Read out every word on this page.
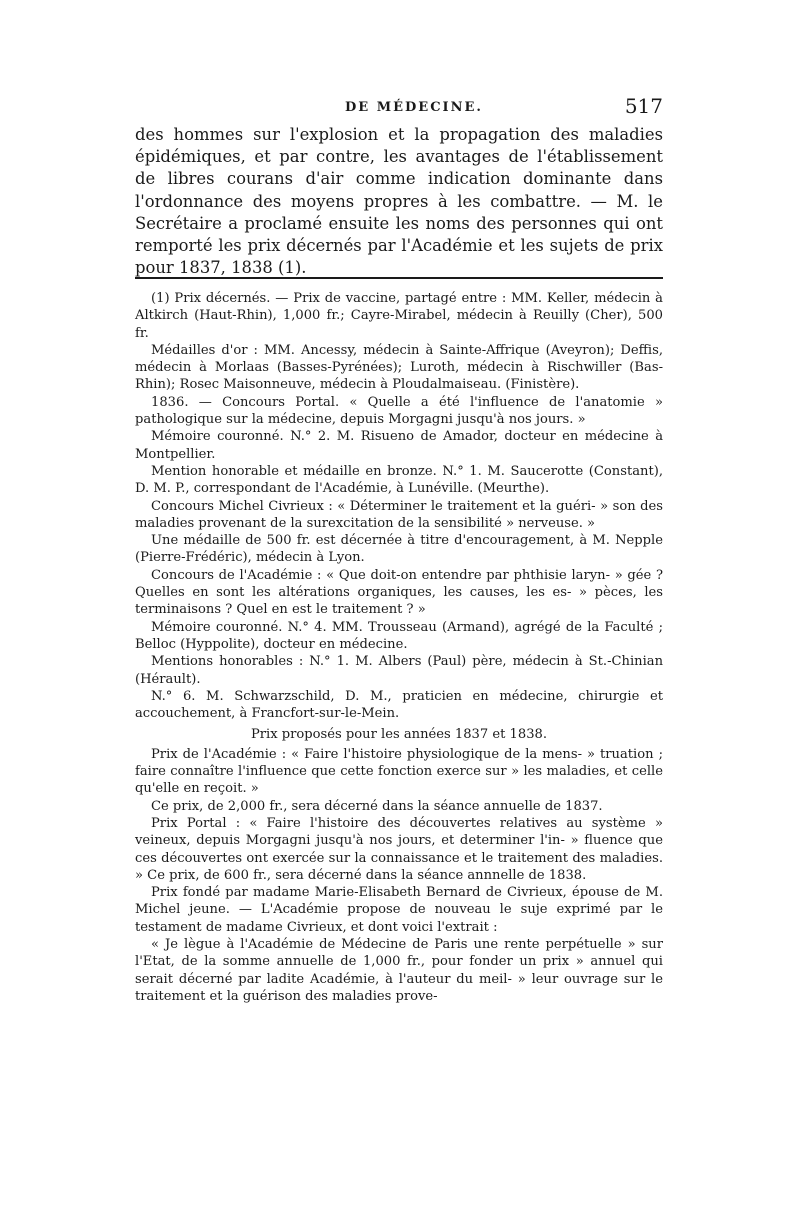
DE MÉDECINE.	517

des hommes sur l'explosion et la propagation des maladies épidémiques, et par contre, les avantages de l'établissement de libres courans d'air comme indication dominante dans l'ordonnance des moyens propres à les combattre. — M. le Secrétaire a proclamé ensuite les noms des personnes qui ont remporté les prix décernés par l'Académie et les sujets de prix pour 1837, 1838 (1).

(1) Prix décernés. — Prix de vaccine, partagé entre : MM. Keller, médecin à Altkirch (Haut-Rhin), 1,000 fr.; Cayre-Mirabel, médecin à Reuilly (Cher), 500 fr.

Médailles d'or : MM. Ancessy, médecin à Sainte-Affrique (Aveyron); Deffis, médecin à Morlaas (Basses-Pyrénées); Luroth, médecin à Rischwiller (Bas-Rhin); Rosec Maisonneuve, médecin à Ploudalmaiseau. (Finistère).

1836. — Concours Portal. « Quelle a été l'influence de l'anatomie » pathologique sur la médecine, depuis Morgagni jusqu'à nos jours. »

Mémoire couronné. N.° 2. M. Risueno de Amador, docteur en médecine à Montpellier.

Mention honorable et médaille en bronze. N.° 1. M. Saucerotte (Constant), D. M. P., correspondant de l'Académie, à Lunéville. (Meurthe).

Concours Michel Civrieux : « Déterminer le traitement et la guéri- » son des maladies provenant de la surexcitation de la sensibilité » nerveuse. »

Une médaille de 500 fr. est décernée à titre d'encouragement, à M. Nepple (Pierre-Frédéric), médecin à Lyon.

Concours de l'Académie : « Que doit-on entendre par phthisie laryn- » gée ? Quelles en sont les altérations organiques, les causes, les es- » pèces, les terminaisons ? Quel en est le traitement ? »

Mémoire couronné. N.° 4. MM. Trousseau (Armand), agrégé de la Faculté ; Belloc (Hyppolite), docteur en médecine.

Mentions honorables : N.° 1. M. Albers (Paul) père, médecin à St.-Chinian (Hérault).

N.° 6. M. Schwarzschild, D. M., praticien en médecine, chirurgie et accouchement, à Francfort-sur-le-Mein.

Prix proposés pour les années 1837 et 1838.

Prix de l'Académie : « Faire l'histoire physiologique de la mens- » truation ; faire connaître l'influence que cette fonction exerce sur » les maladies, et celle qu'elle en reçoit. »

Ce prix, de 2,000 fr., sera décerné dans la séance annuelle de 1837.

Prix Portal : « Faire l'histoire des découvertes relatives au système » veineux, depuis Morgagni jusqu'à nos jours, et determiner l'in- » fluence que ces découvertes ont exercée sur la connaissance et le traitement des maladies. » Ce prix, de 600 fr., sera décerné dans la séance annnelle de 1838.

Prix fondé par madame Marie-Elisabeth Bernard de Civrieux, épouse de M. Michel jeune. — L'Académie propose de nouveau le suje exprimé par le testament de madame Civrieux, et dont voici l'extrait :

« Je lègue à l'Académie de Médecine de Paris une rente perpétuelle » sur l'Etat, de la somme annuelle de 1,000 fr., pour fonder un prix » annuel qui serait décerné par ladite Académie, à l'auteur du meil- » leur ouvrage sur le traitement et la guérison des maladies prove-
